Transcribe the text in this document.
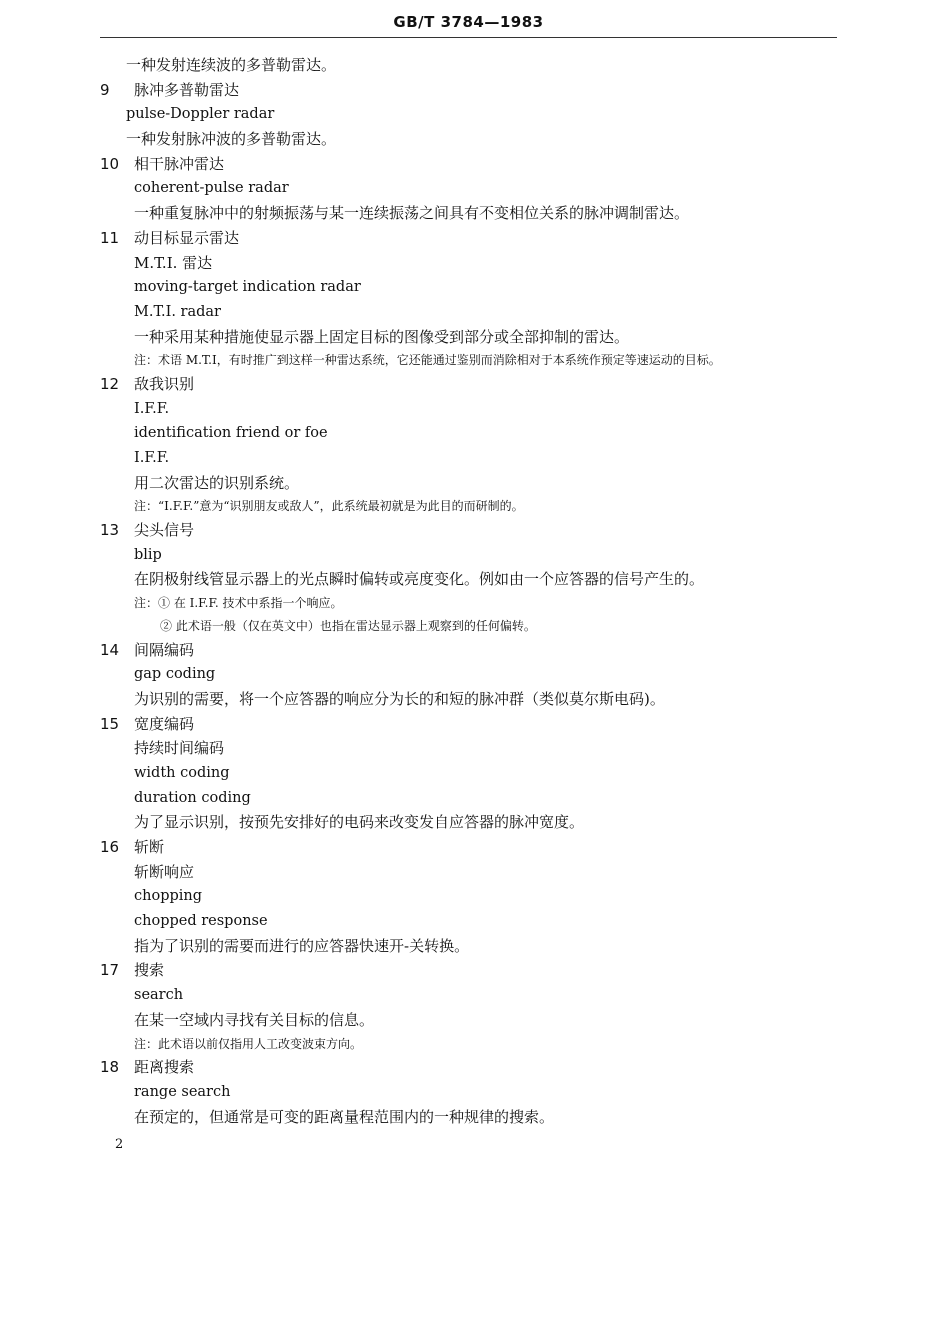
GB/T 3784—1983
一种发射连续波的多普勒雷达。
9 脉冲多普勒雷达
pulse-Doppler radar
一种发射脉冲波的多普勒雷达。
10 相干脉冲雷达
coherent-pulse radar
一种重复脉冲中的射频振荡与某一连续振荡之间具有不变相位关系的脉冲调制雷达。
11 动目标显示雷达
M.T.I. 雷达
moving-target indication radar
M.T.I. radar
一种采用某种措施使显示器上固定目标的图像受到部分或全部抑制的雷达。
注：术语 M.T.I，有时推广到这样一种雷达系统，它还能通过鉴别而消除相对于本系统作预定等速运动的目标。
12 敌我识别
I.F.F.
identification friend or foe
I.F.F.
用二次雷达的识别系统。
注：“I.F.F.”意为“识别朋友或敌人”，此系统最初就是为此目的而研制的。
13 尖头信号
blip
在阴极射线管显示器上的光点瞬时偏转或亮度变化。例如由一个应答器的信号产生的。
注：① 在 I.F.F. 技术中系指一个响应。
② 此术语一般（仅在英文中）也指在雷达显示器上观察到的任何偏转。
14 间隔编码
gap coding
为识别的需要，将一个应答器的响应分为长的和短的脉冲群（类似莫尔斯电码)。
15 宽度编码
持续时间编码
width coding
duration coding
为了显示识别，按预先安排好的电码来改变发自应答器的脉冲宽度。
16 斩断
斩断响应
chopping
chopped response
指为了识别的需要而进行的应答器快速开-关转换。
17 搜索
search
在某一空域内寻找有关目标的信息。
注：此术语以前仅指用人工改变波束方向。
18 距离搜索
range search
在预定的，但通常是可变的距离量程范围内的一种规律的搜索。
2
